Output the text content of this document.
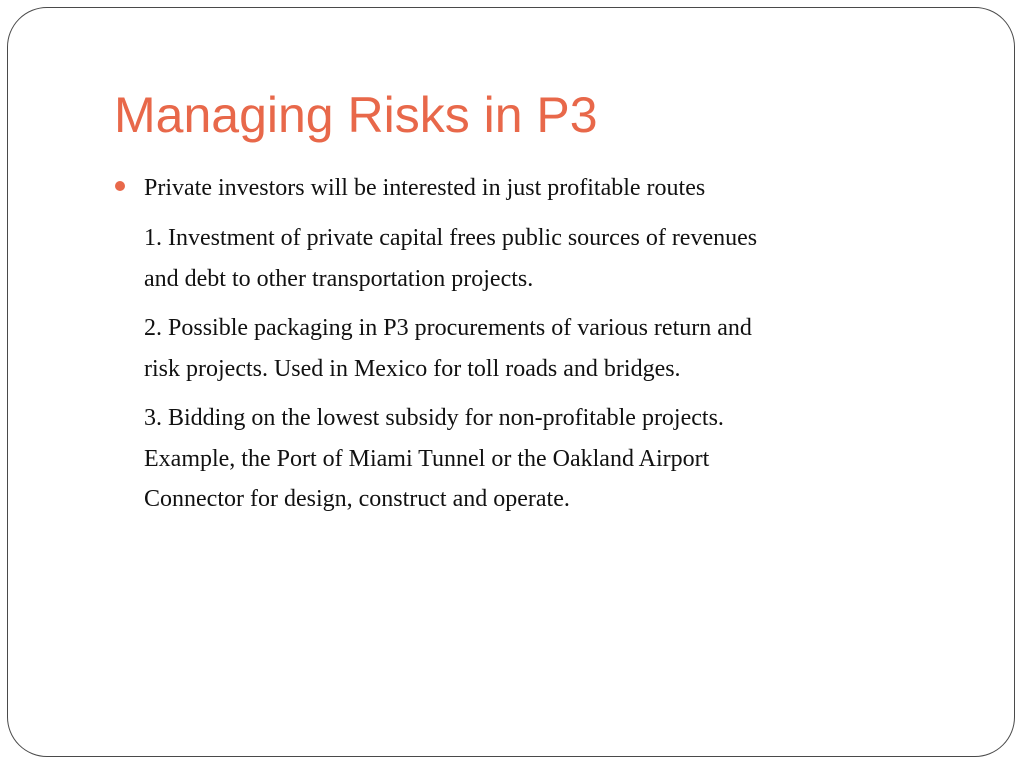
Managing Risks in P3
Private investors will be interested in just profitable routes

1. Investment of private capital frees public sources of revenues
and debt to other transportation projects.

2. Possible packaging in P3 procurements of various return and
risk projects. Used in Mexico for toll roads and bridges.

3. Bidding on the lowest subsidy for non-profitable projects.
Example, the Port of Miami Tunnel or the Oakland Airport
Connector for design, construct and operate.
